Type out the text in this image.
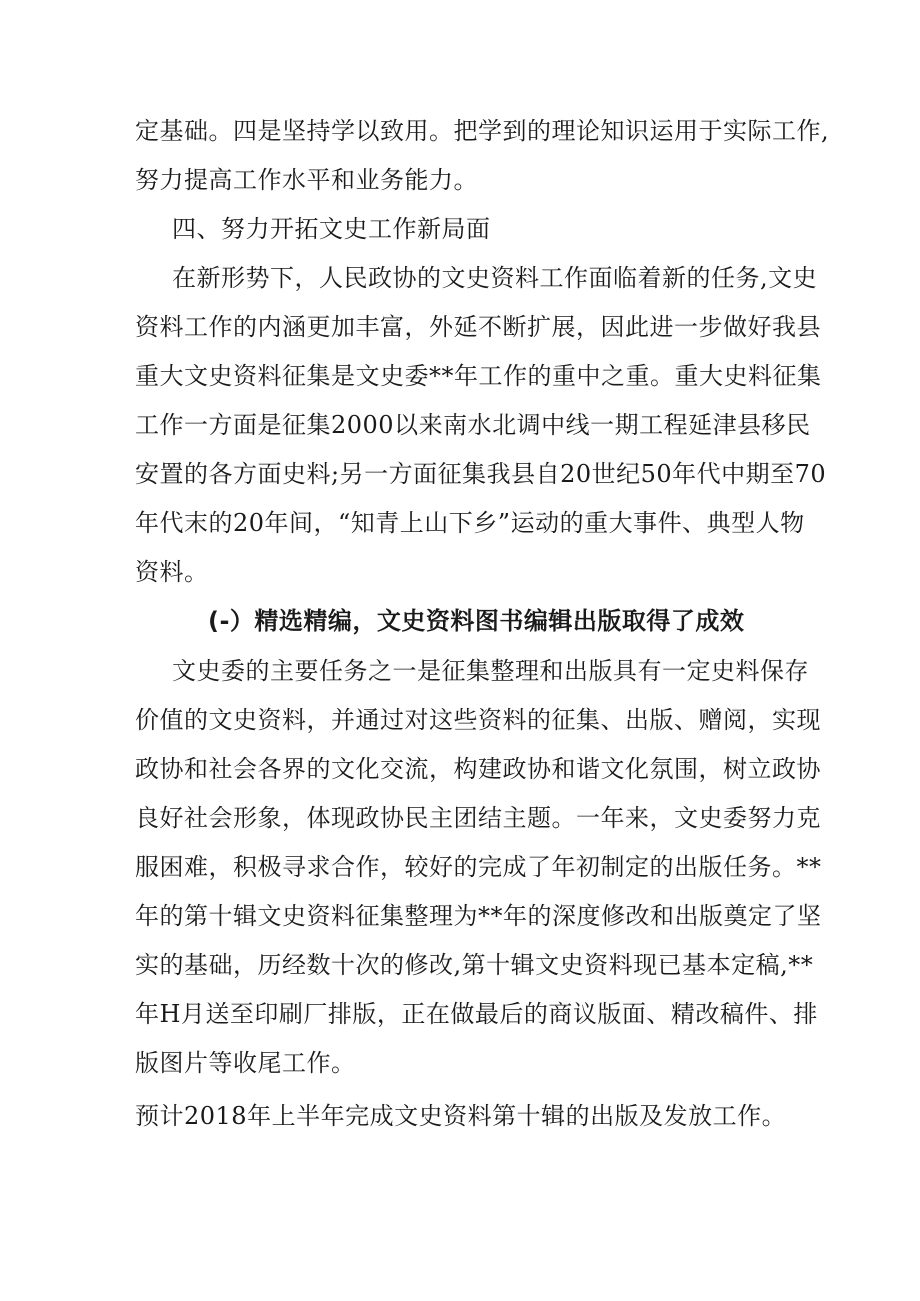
定基础。四是坚持学以致用。把学到的理论知识运用于实际工作,
努力提高工作水平和业务能力。
四、努力开拓文史工作新局面
在新形势下，人民政协的文史资料工作面临着新的任务,文史
资料工作的内涵更加丰富，外延不断扩展，因此进一步做好我县
重大文史资料征集是文史委**年工作的重中之重。重大史料征集
工作一方面是征集2000以来南水北调中线一期工程延津县移民
安置的各方面史料;另一方面征集我县自20世纪50年代中期至70
年代末的20年间，“知青上山下乡”运动的重大事件、典型人物
资料。
(-）精选精编，文史资料图书编辑出版取得了成效
文史委的主要任务之一是征集整理和出版具有一定史料保存
价值的文史资料，并通过对这些资料的征集、出版、赠阅，实现
政协和社会各界的文化交流，构建政协和谐文化氛围，树立政协
良好社会形象，体现政协民主团结主题。一年来，文史委努力克
服困难，积极寻求合作，较好的完成了年初制定的出版任务。**
年的第十辑文史资料征集整理为**年的深度修改和出版奠定了坚
实的基础，历经数十次的修改,第十辑文史资料现已基本定稿,**
年H月送至印刷厂排版，正在做最后的商议版面、精改稿件、排
版图片等收尾工作。
预计2018年上半年完成文史资料第十辑的出版及发放工作。
